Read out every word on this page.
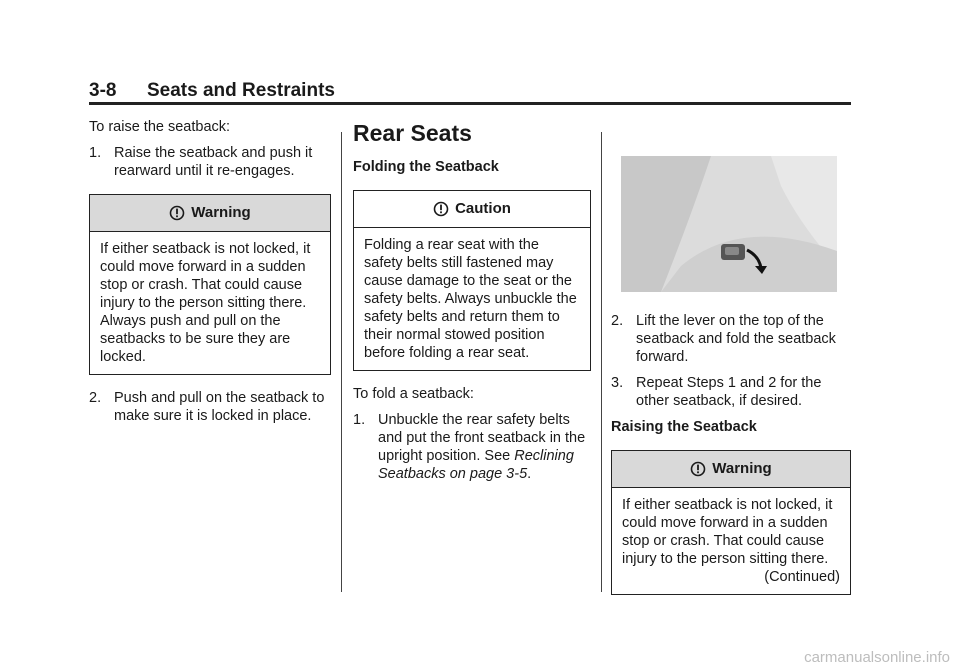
3-8 Seats and Restraints

To raise the seatback:

1. Raise the seatback and push it rearward until it re-engages.
Warning
If either seatback is not locked, it could move forward in a sudden stop or crash. That could cause injury to the person sitting there. Always push and pull on the seatbacks to be sure they are locked.
2. Push and pull on the seatback to make sure it is locked in place.
Rear Seats

Folding the Seatback

Caution
Folding a rear seat with the safety belts still fastened may cause damage to the seat or the safety belts. Always unbuckle the safety belts and return them to their normal stowed position before folding a rear seat.

To fold a seatback:

1. Unbuckle the rear safety belts and put the front seatback in the upright position. See Reclining Seatbacks on page 3-5.
2. Lift the lever on the top of the seatback and fold the seatback forward.
3. Repeat Steps 1 and 2 for the other seatback, if desired.

Raising the Seatback

Warning
If either seatback is not locked, it could move forward in a sudden stop or crash. That could cause injury to the person sitting there.
(Continued)
carmanualsonline.info
